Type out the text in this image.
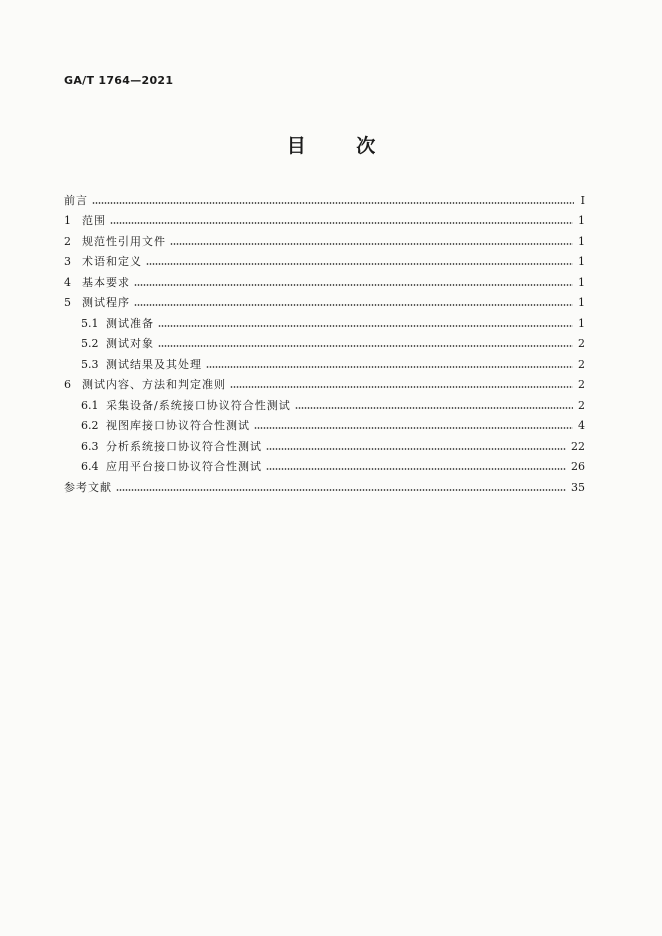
GA/T 1764—2021
目 次
前言	Ⅰ
1	范围	1
2	规范性引用文件	1
3	术语和定义	1
4	基本要求	1
5	测试程序	1
5.1 测试准备	1
5.2 测试对象	2
5.3 测试结果及其处理	2
6	测试内容、方法和判定准则	2
6.1 采集设备/系统接口协议符合性测试	2
6.2 视图库接口协议符合性测试	4
6.3 分析系统接口协议符合性测试	22
6.4 应用平台接口协议符合性测试	26
参考文献	35
